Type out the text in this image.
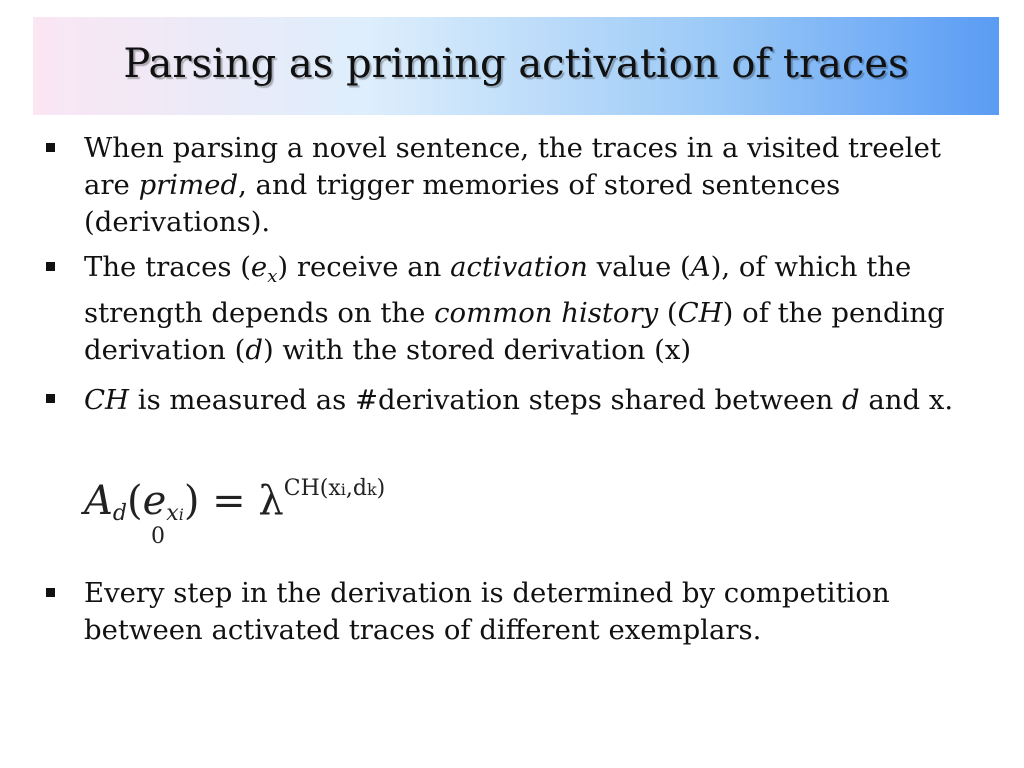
Parsing as priming activation of traces
When parsing a novel sentence, the traces in a visited treelet are primed, and trigger memories of stored sentences (derivations).
The traces $(e_x)$ receive an activation value (A), of which the strength depends on the common history (CH) of the pending derivation (d) with the stored derivation (x)
CH is measured as #derivation steps shared between d and x.
Every step in the derivation is determined by competition between activated traces of different exemplars.
$A_d(e_{xi}) = \lambda^{CH(xi,dk)}$
0
